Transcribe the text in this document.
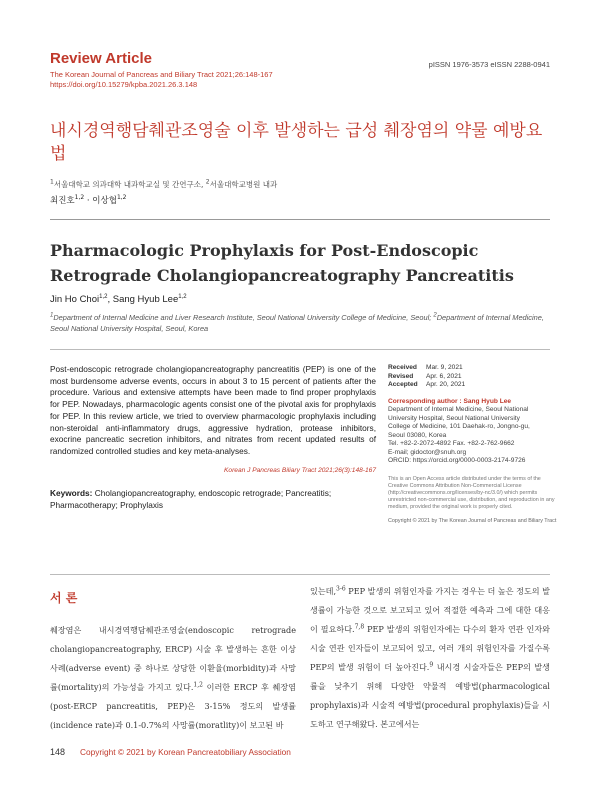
Review Article
The Korean Journal of Pancreas and Biliary Tract 2021;26:148-167
https://doi.org/10.15279/kpba.2021.26.3.148
pISSN 1976-3573 eISSN 2288-0941
내시경역행담췌관조영술 이후 발생하는 급성 췌장염의 약물 예방요법
$^1$서울대학교 의과대학 내과학교실 및 간연구소, $^2$서울대학교병원 내과
최진호$^{1,2}$ · 이상협$^{1,2}$
Pharmacologic Prophylaxis for Post-Endoscopic Retrograde Cholangiopancreatography Pancreatitis
Jin Ho Choi$^{1,2}$, Sang Hyub Lee$^{1,2}$
$^1$Department of Internal Medicine and Liver Research Institute, Seoul National University College of Medicine, Seoul; $^2$Department of Internal Medicine, Seoul National University Hospital, Seoul, Korea
Post-endoscopic retrograde cholangiopancreatography pancreatitis (PEP) is one of the most burdensome adverse events, occurs in about 3 to 15 percent of patients after the procedure. Various and extensive attempts have been made to find proper prophylaxis for PEP. Nowadays, pharmacologic agents consist one of the pivotal axis for prophylaxis for PEP. In this review article, we tried to overview pharmacologic prophylaxis including non-steroidal anti-inflammatory drugs, aggressive hydration, protease inhibitors, exocrine pancreatic secretion inhibitors, and nitrates from recent updated results of randomized controlled studies and key meta-analyses.
Korean J Pancreas Biliary Tract 2021;26(3):148-167
Keywords: Cholangiopancreatography, endoscopic retrograde; Pancreatitis; Pharmacotherapy; Prophylaxis
Received	Mar. 9, 2021
Revised	Apr. 6, 2021
Accepted	Apr. 20, 2021
Corresponding author : Sang Hyub Lee
Department of Internal Medicine, Seoul National
University Hospital, Seoul National University
College of Medicine, 101 Daehak-ro, Jongno-gu,
Seoul 03080, Korea
Tel. +82-2-2072-4892 Fax. +82-2-762-9662
E-mail; gidoctor@snuh.org
ORCID: https://orcid.org/0000-0003-2174-9726
This is an Open Access article distributed under the terms of the Creative Commons Attribution Non-Commercial License (http://creativecommons.org/licenses/by-nc/3.0/) which permits unrestricted non-commercial use, distribution, and reproduction in any medium, provided the original work is properly cited.
Copyright © 2021 by The Korean Journal of Pancreas and Biliary Tract
서 론
췌장염은 내시경역행담췌관조영술(endoscopic retrograde cholangiopancreatography, ERCP) 시술 후 발생하는 흔한 이상사례(adverse event) 중 하나로 상당한 이환율(morbidity)과 사망률(mortality)의 가능성을 가지고 있다.$^{1,2}$ 이러한 ERCP 후 췌장염(post-ERCP pancreatitis, PEP)은 3-15% 정도의 발생률(incidence rate)과 0.1-0.7%의 사망률(moratlity)이 보고된 바
있는데,$^{3-6}$ PEP 발생의 위험인자를 가지는 경우는 더 높은 정도의 발생률이 가능한 것으로 보고되고 있어 적절한 예측과 그에 대한 대응이 필요하다.$^{7,8}$ PEP 발생의 위험인자에는 다수의 환자 연관 인자와 시술 연관 인자들이 보고되어 있고, 여러 개의 위험인자를 가질수록 PEP의 발생 위험이 더 높아진다.$^9$ 내시경 시술자들은 PEP의 발생률을 낮추기 위해 다양한 약물적 예방법(pharmacological prophylaxis)과 시술적 예방법(procedural prophylaxis)들을 시도하고 연구해왔다. 본고에서는
148 Copyright © 2021 by Korean Pancreatobiliary Association
